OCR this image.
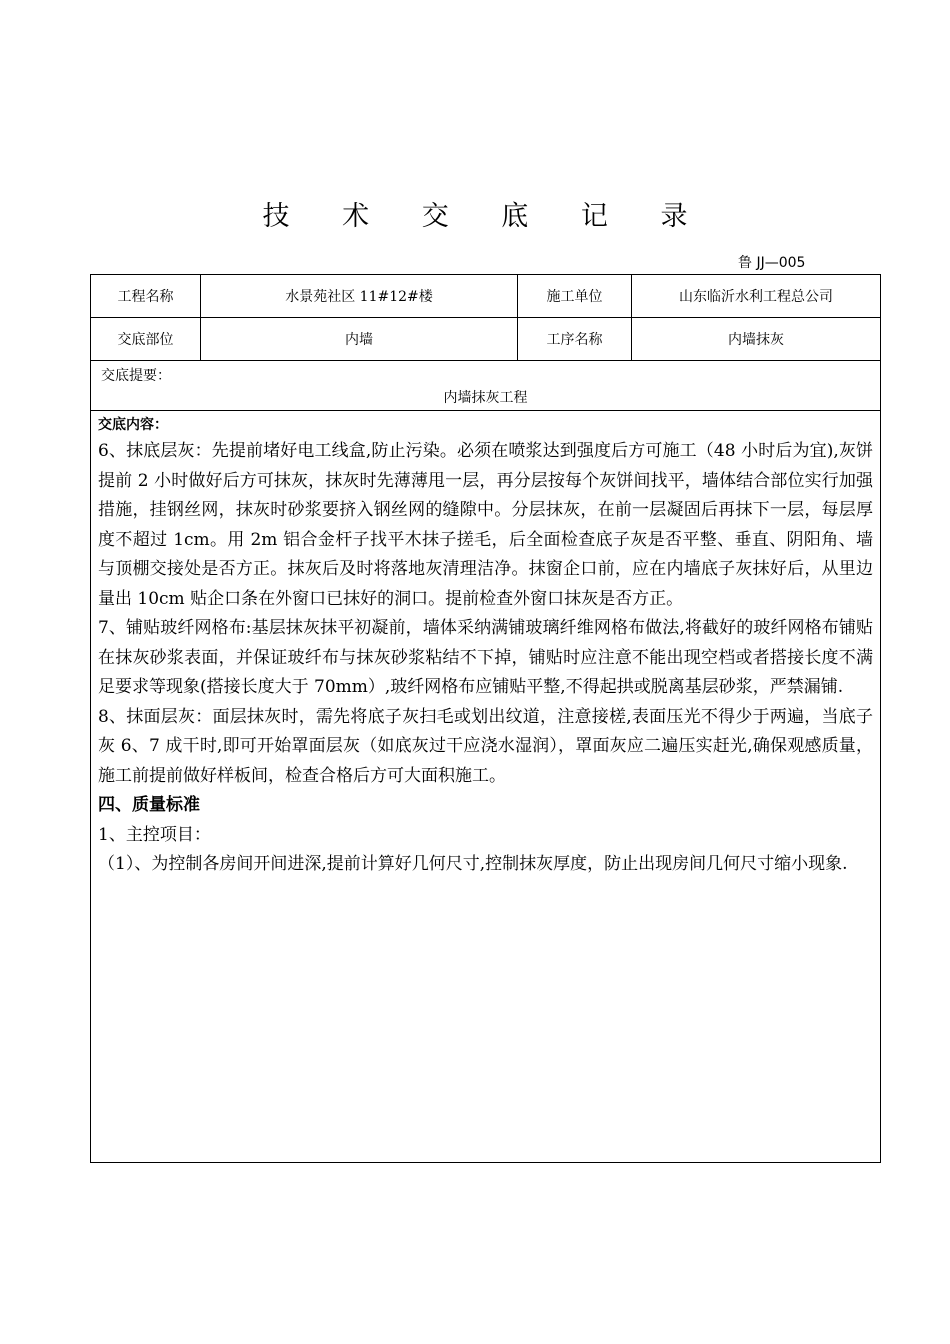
技 术 交 底 记 录
鲁 JJ—005
工程名称	水景苑社区 11#12#楼	施工单位	山东临沂水利工程总公司
交底部位	内墙	工序名称	内墙抹灰
交底提要：
内墙抹灰工程

交底内容：

6、抹底层灰：先提前堵好电工线盒,防止污染。必须在喷浆达到强度后方可施工（48 小时后为宜),灰饼提前 2 小时做好后方可抹灰，抹灰时先薄薄甩一层，再分层按每个灰饼间找平，墙体结合部位实行加强措施，挂钢丝网，抹灰时砂浆要挤入钢丝网的缝隙中。分层抹灰，在前一层凝固后再抹下一层，每层厚度不超过 1cm。用 2m 铝合金杆子找平木抹子搓毛，后全面检查底子灰是否平整、垂直、阴阳角、墙与顶棚交接处是否方正。抹灰后及时将落地灰清理洁净。抹窗企口前，应在内墙底子灰抹好后，从里边量出 10cm 贴企口条在外窗口已抹好的洞口。提前检查外窗口抹灰是否方正。

7、铺贴玻纤网格布:基层抹灰抹平初凝前，墙体采纳满铺玻璃纤维网格布做法,将截好的玻纤网格布铺贴在抹灰砂浆表面，并保证玻纤布与抹灰砂浆粘结不下掉，铺贴时应注意不能出现空档或者搭接长度不满足要求等现象(搭接长度大于 70mm）,玻纤网格布应铺贴平整,不得起拱或脱离基层砂浆，严禁漏铺.

8、抹面层灰：面层抹灰时，需先将底子灰扫毛或划出纹道，注意接槎,表面压光不得少于两遍，当底子灰 6、7 成干时,即可开始罩面层灰（如底灰过干应浇水湿润），罩面灰应二遍压实赶光,确保观感质量，施工前提前做好样板间，检查合格后方可大面积施工。

四、质量标准

1、主控项目：

（1）、为控制各房间开间进深,提前计算好几何尺寸,控制抹灰厚度，防止出现房间几何尺寸缩小现象.
